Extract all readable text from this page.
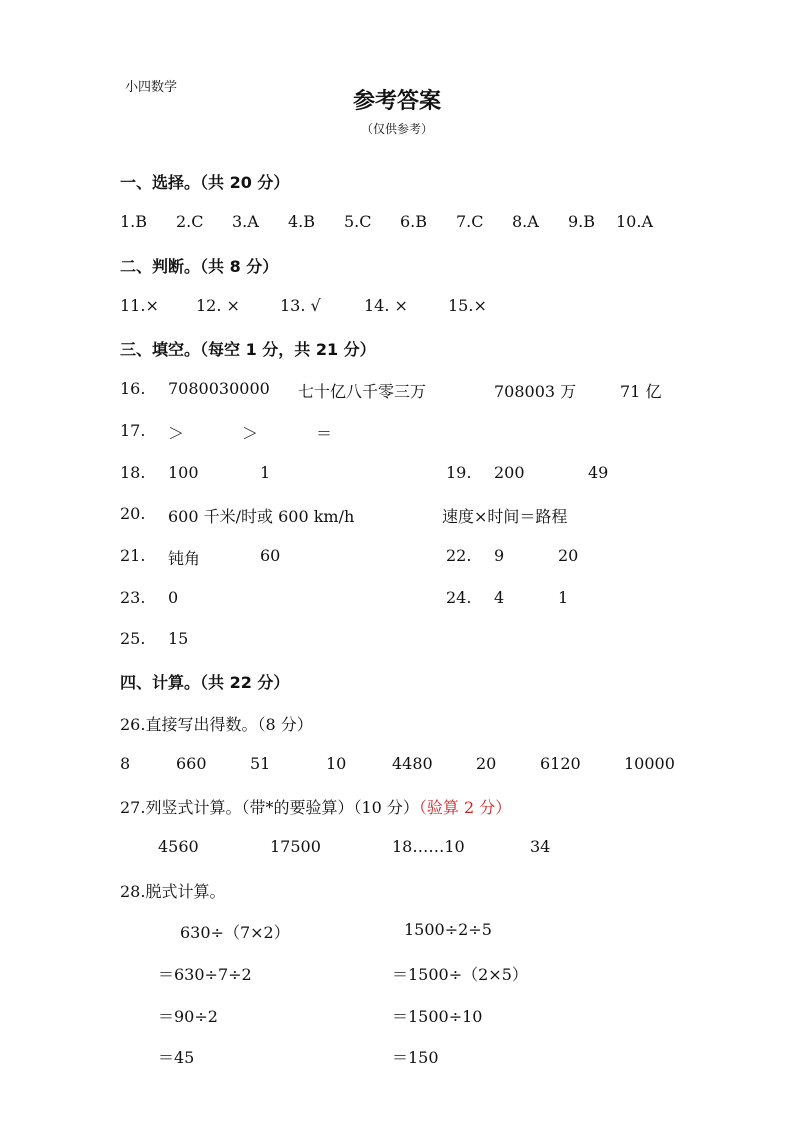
小四数学
参考答案
（仅供参考）
一、选择。（共 20 分）
1.B 2.C 3.A 4.B 5.C 6.B 7.C 8.A 9.B 10.A
二、判断。（共 8 分）
11.× 12. ×	13. √	14. ×	15.×
三、填空。（每空 1 分，共 21 分）
16. 7080030000 七十亿八千零三万	708003 万	71 亿
17. ＞	＞	＝
18. 100	1	19. 200	49
20. 600 千米/时或 600 km/h	速度×时间＝路程
21. 钝角	60	22. 9	20
23. 0	24. 4	1
25. 15
四、计算。（共 22 分）
26.直接写出得数。（8 分）
8	660	51	10	4480	20	6120	10000
27.列竖式计算。（带*的要验算）（10 分）（验算 2 分）
4560	17500	18……10	34
28.脱式计算。
630÷（7×2）
＝630÷7÷2
＝90÷2
＝45
1500÷2÷5
＝1500÷（2×5）
＝1500÷10
＝150
